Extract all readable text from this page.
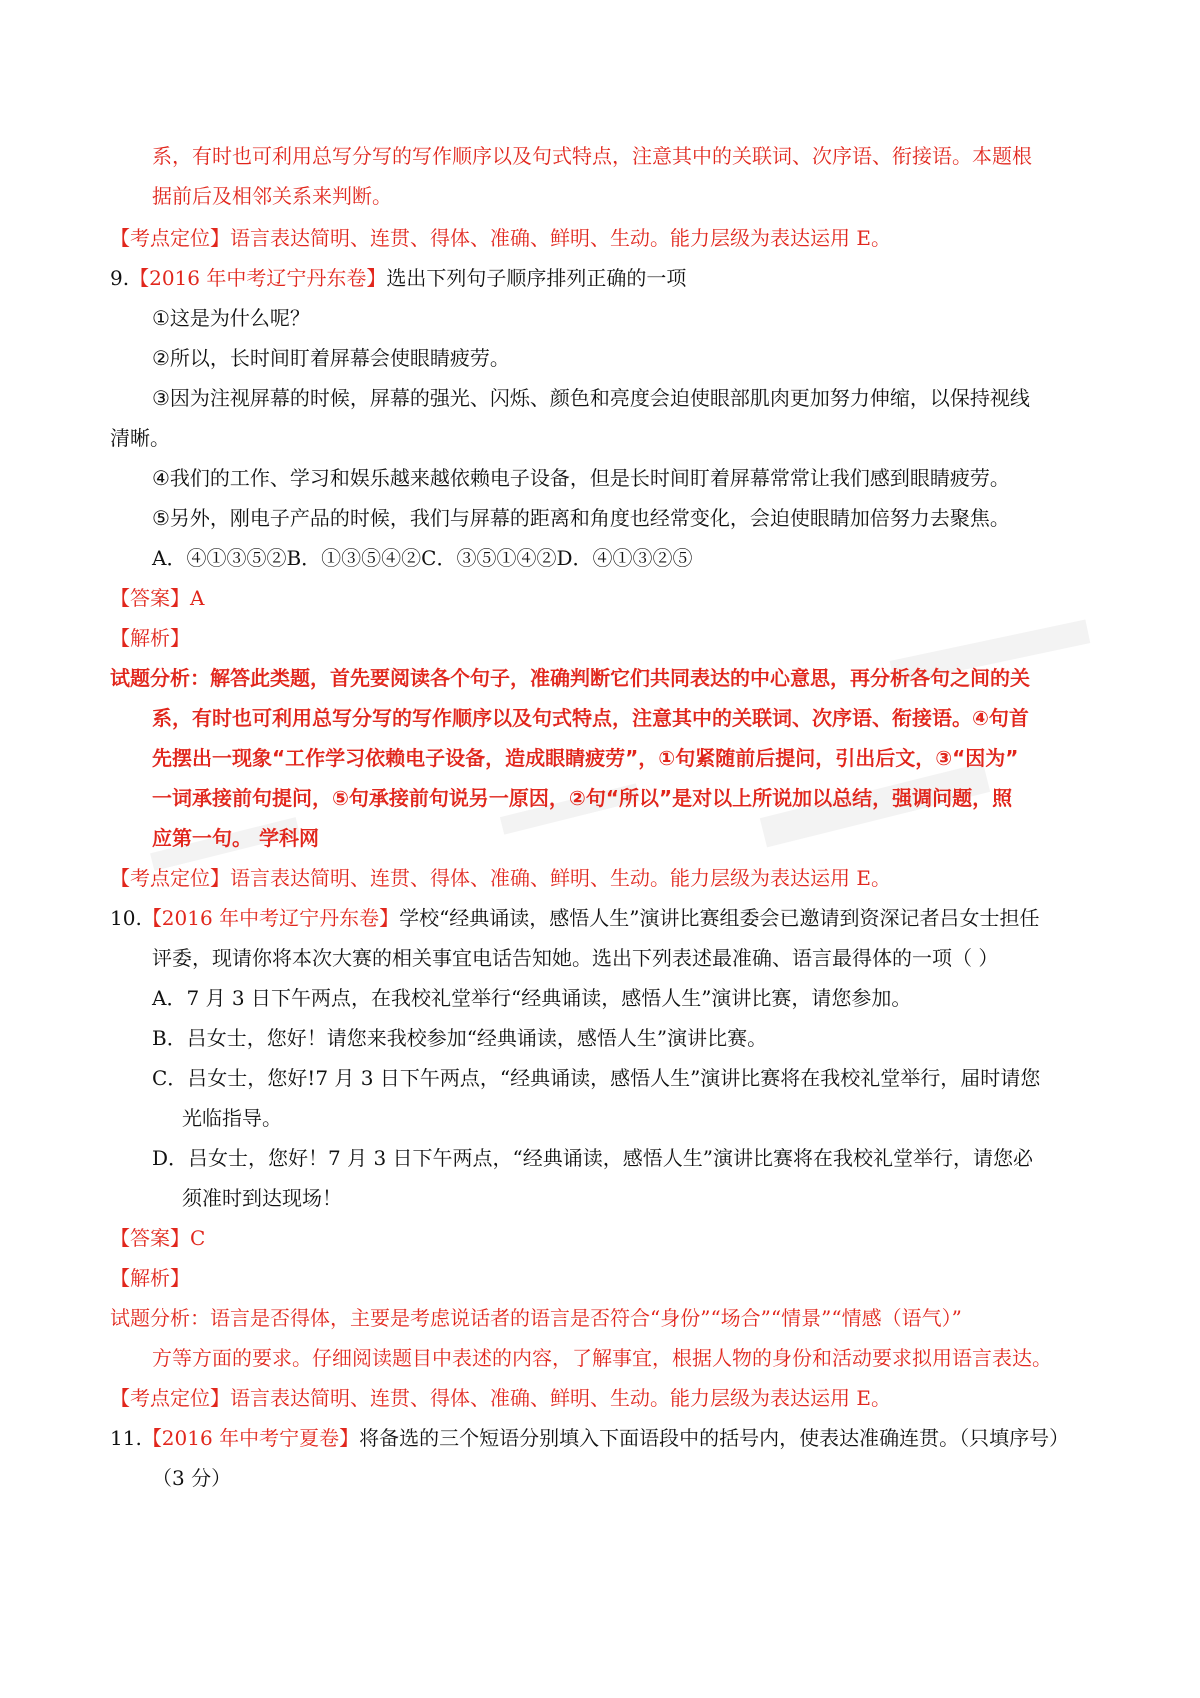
系，有时也可利用总写分写的写作顺序以及句式特点，注意其中的关联词、次序语、衔接语。本题根
据前后及相邻关系来判断。
【考点定位】语言表达简明、连贯、得体、准确、鲜明、生动。能力层级为表达运用 E。
9.【2016 年中考辽宁丹东卷】选出下列句子顺序排列正确的一项
①这是为什么呢？
②所以，长时间盯着屏幕会使眼睛疲劳。
③因为注视屏幕的时候，屏幕的强光、闪烁、颜色和亮度会迫使眼部肌肉更加努力伸缩，以保持视线
清晰。
④我们的工作、学习和娱乐越来越依赖电子设备，但是长时间盯着屏幕常常让我们感到眼睛疲劳。
⑤另外，刚电子产品的时候，我们与屏幕的距离和角度也经常变化，会迫使眼睛加倍努力去聚焦。
A．④①③⑤②B．①③⑤④②C．③⑤①④②D．④①③②⑤
【答案】A
【解析】
试题分析：解答此类题，首先要阅读各个句子，准确判断它们共同表达的中心意思，再分析各句之间的关
系，有时也可利用总写分写的写作顺序以及句式特点，注意其中的关联词、次序语、衔接语。④句首
先摆出一现象“工作学习依赖电子设备，造成眼睛疲劳”，①句紧随前后提问，引出后文，③“因为”
一词承接前句提问，⑤句承接前句说另一原因，②句“所以”是对以上所说加以总结，强调问题，照
应第一句。 学科网
【考点定位】语言表达简明、连贯、得体、准确、鲜明、生动。能力层级为表达运用 E。
10.【2016 年中考辽宁丹东卷】学校“经典诵读，感悟人生”演讲比赛组委会已邀请到资深记者吕女士担任
评委，现请你将本次大赛的相关事宜电话告知她。选出下列表述最准确、语言最得体的一项（ ）
A．7 月 3 日下午两点，在我校礼堂举行“经典诵读，感悟人生”演讲比赛，请您参加。
B．吕女士，您好！请您来我校参加“经典诵读，感悟人生”演讲比赛。
C．吕女士，您好!7 月 3 日下午两点，“经典诵读，感悟人生”演讲比赛将在我校礼堂举行，届时请您
光临指导。
D．吕女士，您好！7 月 3 日下午两点，“经典诵读，感悟人生”演讲比赛将在我校礼堂举行，请您必
须准时到达现场！
【答案】C
【解析】
试题分析：语言是否得体，主要是考虑说话者的语言是否符合“身份”“场合”“情景”“情感（语气）”
方等方面的要求。仔细阅读题目中表述的内容，了解事宜，根据人物的身份和活动要求拟用语言表达。
【考点定位】语言表达简明、连贯、得体、准确、鲜明、生动。能力层级为表达运用 E。
11.【2016 年中考宁夏卷】将备选的三个短语分别填入下面语段中的括号内，使表达准确连贯。（只填序号）
（3 分）
